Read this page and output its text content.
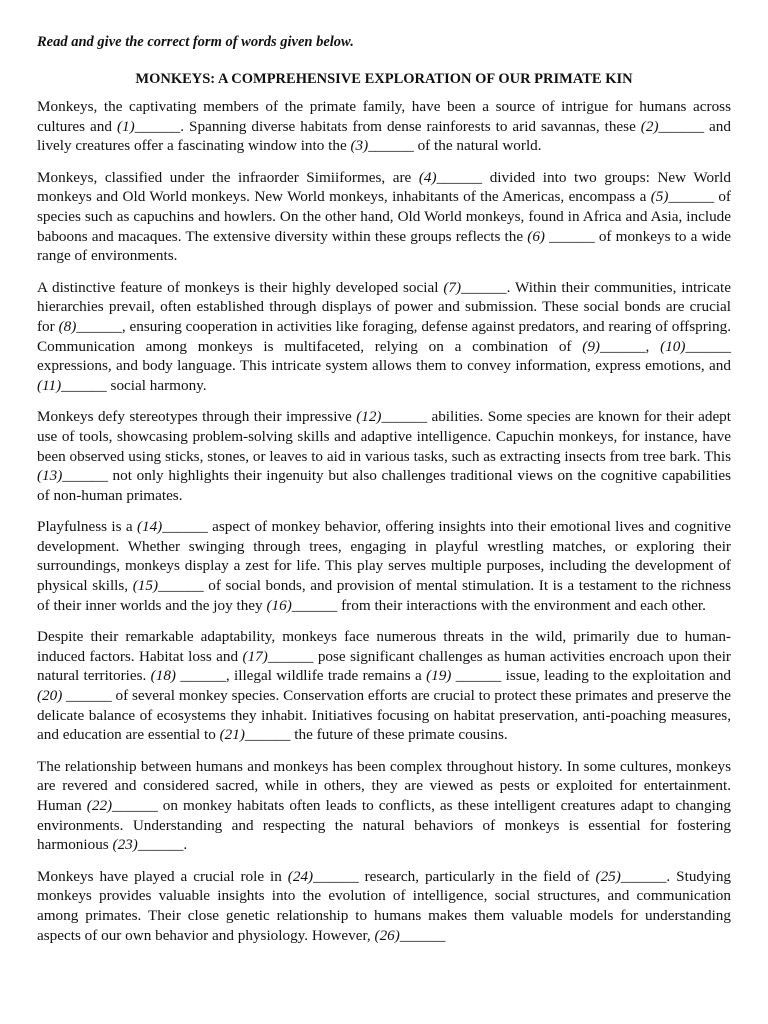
Read and give the correct form of words given below.
MONKEYS: A COMPREHENSIVE EXPLORATION OF OUR PRIMATE KIN
Monkeys, the captivating members of the primate family, have been a source of intrigue for humans across cultures and (1)______. Spanning diverse habitats from dense rainforests to arid savannas, these (2)______ and lively creatures offer a fascinating window into the (3)______ of the natural world.
Monkeys, classified under the infraorder Simiiformes, are (4)______ divided into two groups: New World monkeys and Old World monkeys. New World monkeys, inhabitants of the Americas, encompass a (5)______ of species such as capuchins and howlers. On the other hand, Old World monkeys, found in Africa and Asia, include baboons and macaques. The extensive diversity within these groups reflects the (6) ______ of monkeys to a wide range of environments.
A distinctive feature of monkeys is their highly developed social (7)______. Within their communities, intricate hierarchies prevail, often established through displays of power and submission. These social bonds are crucial for (8)______, ensuring cooperation in activities like foraging, defense against predators, and rearing of offspring. Communication among monkeys is multifaceted, relying on a combination of (9)______, (10)______ expressions, and body language. This intricate system allows them to convey information, express emotions, and (11)______ social harmony.
Monkeys defy stereotypes through their impressive (12)______ abilities. Some species are known for their adept use of tools, showcasing problem-solving skills and adaptive intelligence. Capuchin monkeys, for instance, have been observed using sticks, stones, or leaves to aid in various tasks, such as extracting insects from tree bark. This (13)______ not only highlights their ingenuity but also challenges traditional views on the cognitive capabilities of non-human primates.
Playfulness is a (14)______ aspect of monkey behavior, offering insights into their emotional lives and cognitive development. Whether swinging through trees, engaging in playful wrestling matches, or exploring their surroundings, monkeys display a zest for life. This play serves multiple purposes, including the development of physical skills, (15)______ of social bonds, and provision of mental stimulation. It is a testament to the richness of their inner worlds and the joy they (16)______ from their interactions with the environment and each other.
Despite their remarkable adaptability, monkeys face numerous threats in the wild, primarily due to human-induced factors. Habitat loss and (17)______ pose significant challenges as human activities encroach upon their natural territories. (18) ______, illegal wildlife trade remains a (19) ______ issue, leading to the exploitation and (20) ______ of several monkey species. Conservation efforts are crucial to protect these primates and preserve the delicate balance of ecosystems they inhabit. Initiatives focusing on habitat preservation, anti-poaching measures, and education are essential to (21)______ the future of these primate cousins.
The relationship between humans and monkeys has been complex throughout history. In some cultures, monkeys are revered and considered sacred, while in others, they are viewed as pests or exploited for entertainment. Human (22)______ on monkey habitats often leads to conflicts, as these intelligent creatures adapt to changing environments. Understanding and respecting the natural behaviors of monkeys is essential for fostering harmonious (23)______.
Monkeys have played a crucial role in (24)______ research, particularly in the field of (25)______. Studying monkeys provides valuable insights into the evolution of intelligence, social structures, and communication among primates. Their close genetic relationship to humans makes them valuable models for understanding aspects of our own behavior and physiology. However, (26)______
